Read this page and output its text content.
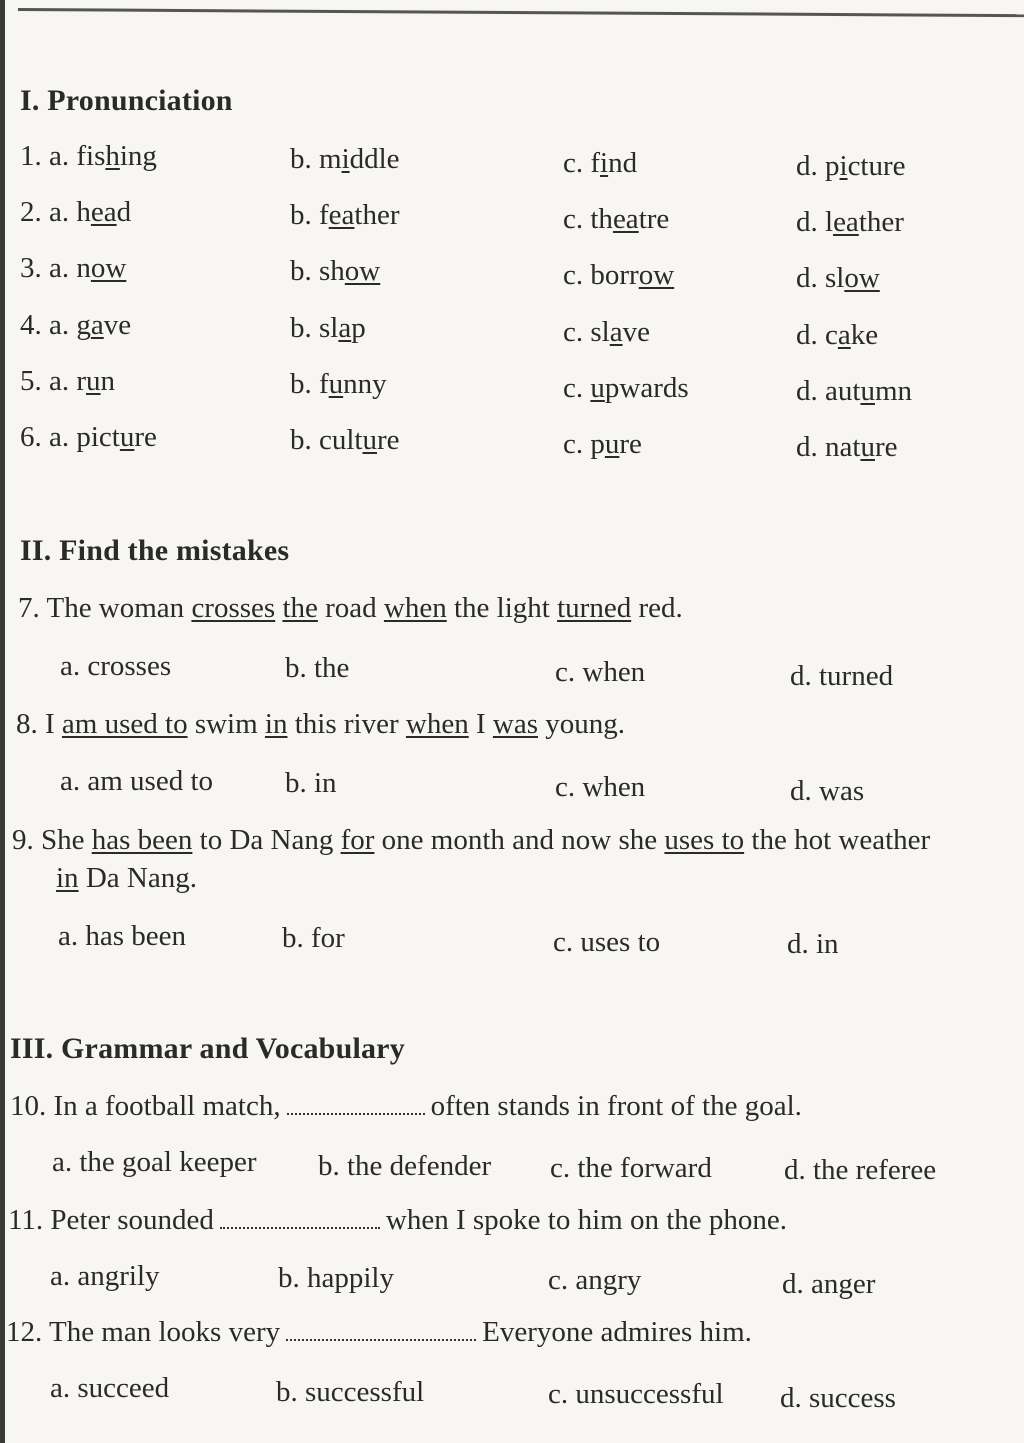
I. Pronunciation
1. a. fishing	b. middle	c. find	d. picture
2. a. head	b. feather	c. theatre	d. leather
3. a. now	b. show	c. borrow	d. slow
4. a. gave	b. slap	c. slave	d. cake
5. a. run	b. funny	c. upwards	d. autumn
6. a. picture	b. culture	c. pure	d. nature
II. Find the mistakes
7. The woman crosses the road when the light turned red.
a. crosses	b. the	c. when	d. turned
8. I am used to swim in this river when I was young.
a. am used to b. in	c. when	d. was
9. She has been to Da Nang for one month and now she uses to the hot weather
in Da Nang.
a. has been	b. for	c. uses to	d. in
III. Grammar and Vocabulary
10. In a football match,	often stands in front of the goal.
a. the goal keeper b. the defender c. the forward d. the referee
11. Peter sounded	when I spoke to him on the phone.
a. angrily	b. happily	c. angry	d. anger
12. The man looks very	Everyone admires him.
a. succeed	b. successful	c. unsuccessful d. success
